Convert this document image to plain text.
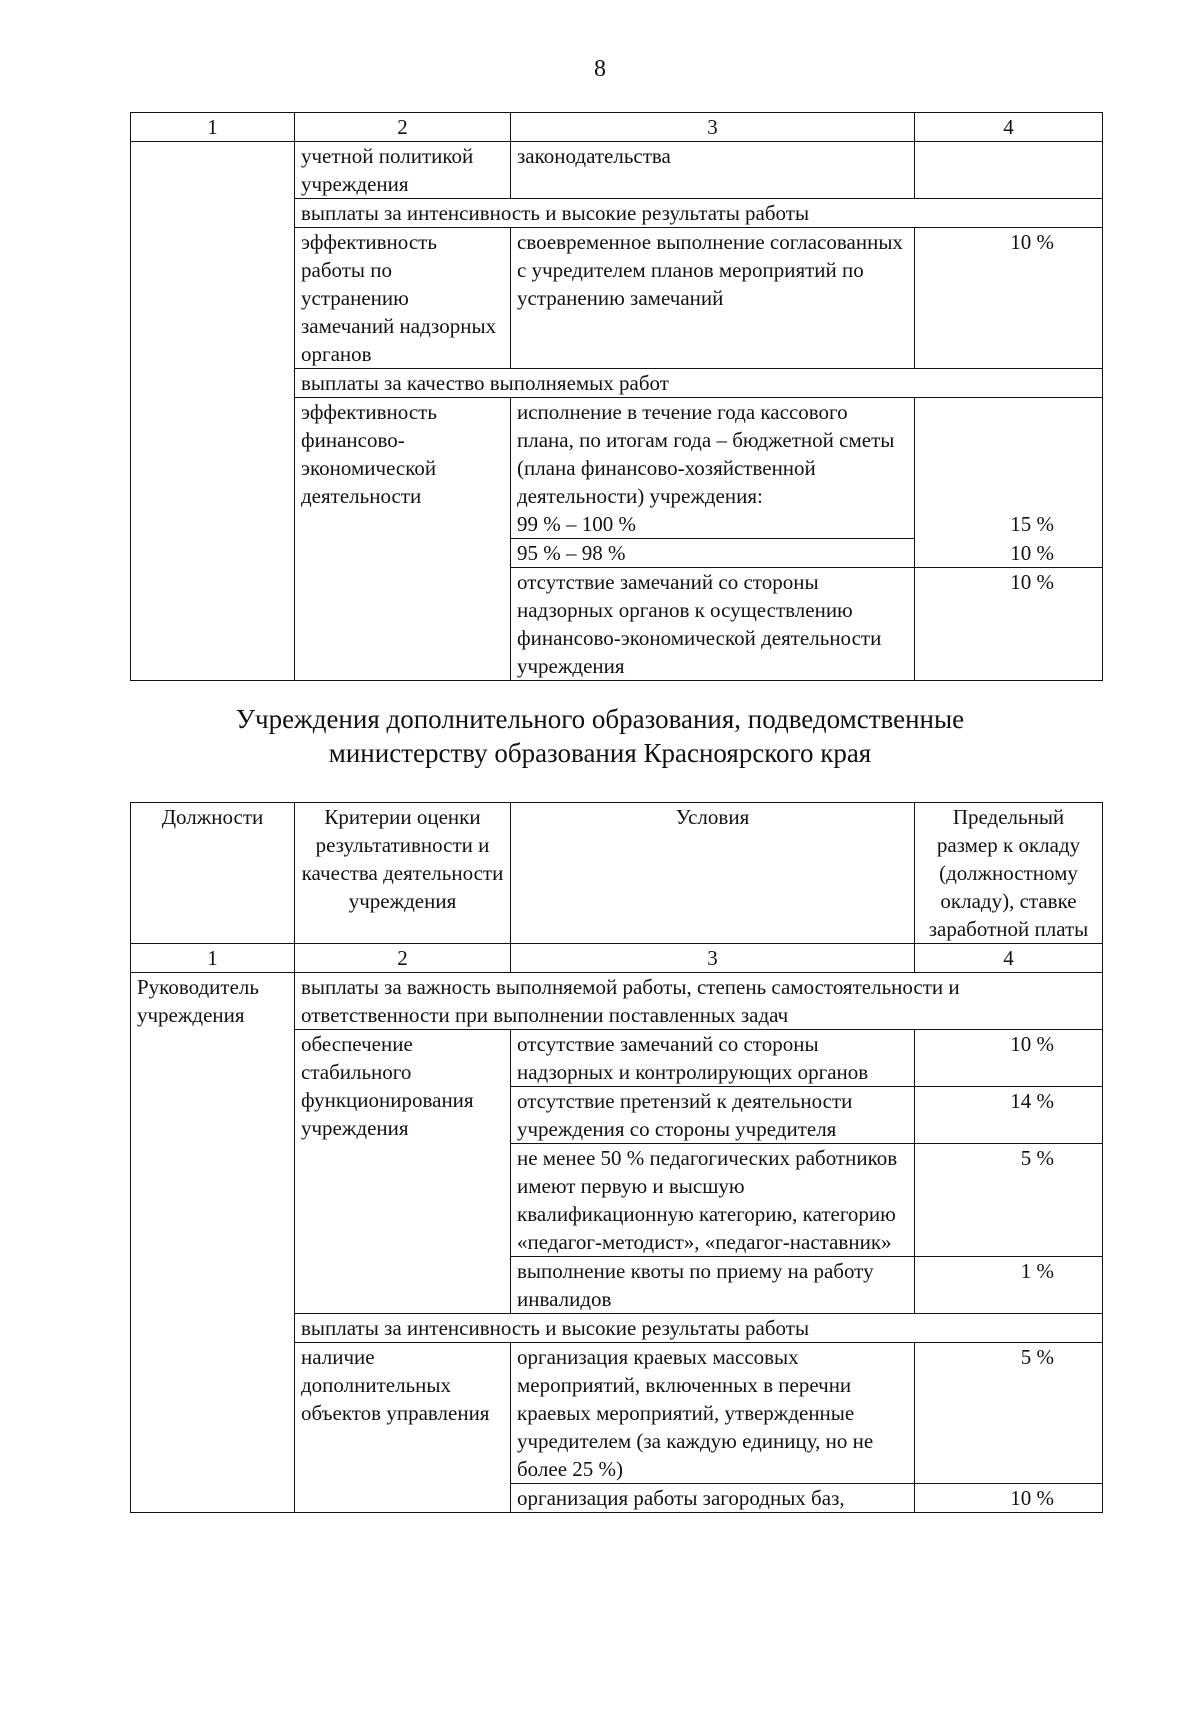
8
1	2	3	4
	учетной политикой учреждения	законодательства	
	выплаты за интенсивность и высокие результаты работы		
	эффективность работы по устранению замечаний надзорных органов	своевременное выполнение согласованных с учредителем планов мероприятий по устранению замечаний	10 %
	выплаты за качество выполняемых работ		
	эффективность финансово-экономической деятельности	исполнение в течение года кассового плана, по итогам года – бюджетной сметы (плана финансово-хозяйственной деятельности) учреждения:	
		99 % – 100 %	15 %
		95 % – 98 %	10 %
		отсутствие замечаний со стороны надзорных органов к осуществлению финансово-экономической деятельности учреждения	10 %
Учреждения дополнительного образования, подведомственные
министерству образования Красноярского края
Должности	Критерии оценки результативности и качества деятельности учреждения	Условия	Предельный размер к окладу (должностному окладу), ставке заработной платы
1	2	3	4
Руководитель учреждения	выплаты за важность выполняемой работы, степень самостоятельности и ответственности при выполнении поставленных задач		
	обеспечение стабильного функционирования учреждения	отсутствие замечаний со стороны надзорных и контролирующих органов	10 %
		отсутствие претензий к деятельности учреждения со стороны учредителя	14 %
		не менее 50 % педагогических работников имеют первую и высшую квалификационную категорию, категорию «педагог-методист», «педагог-наставник»	5 %
		выполнение квоты по приему на работу инвалидов	1 %
	выплаты за интенсивность и высокие результаты работы		
	наличие дополнительных объектов управления	организация краевых массовых мероприятий, включенных в перечни краевых мероприятий, утвержденные учредителем (за каждую единицу, но не более 25 %)	5 %
		организация работы загородных баз,	10 %
